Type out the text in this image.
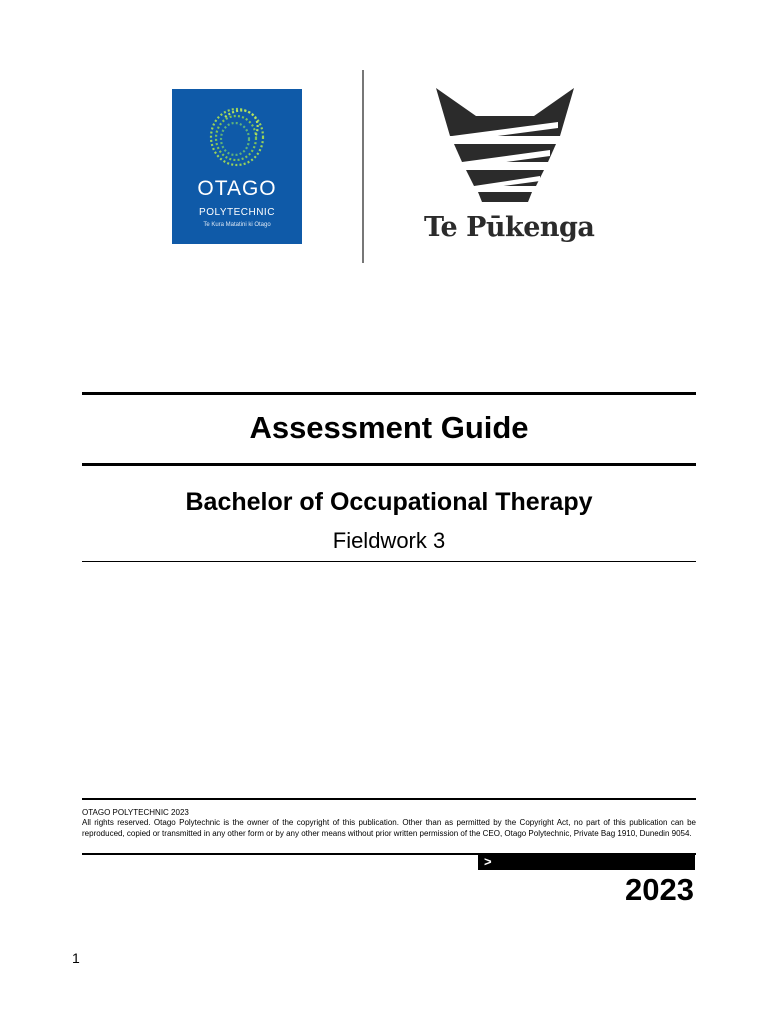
OTAGO
POLYTECHNIC
Te Kura Matatini ki Otago	Te Pūkenga
Assessment Guide
Bachelor of Occupational Therapy
Fieldwork 3
OTAGO POLYTECHNIC 2023
All rights reserved. Otago Polytechnic is the owner of the copyright of this publication. Other than as permitted by the Copyright Act, no part of this publication can be reproduced, copied or transmitted in any other form or by any other means without prior written permission of the CEO, Otago Polytechnic, Private Bag 1910, Dunedin 9054.
>
2023
1
